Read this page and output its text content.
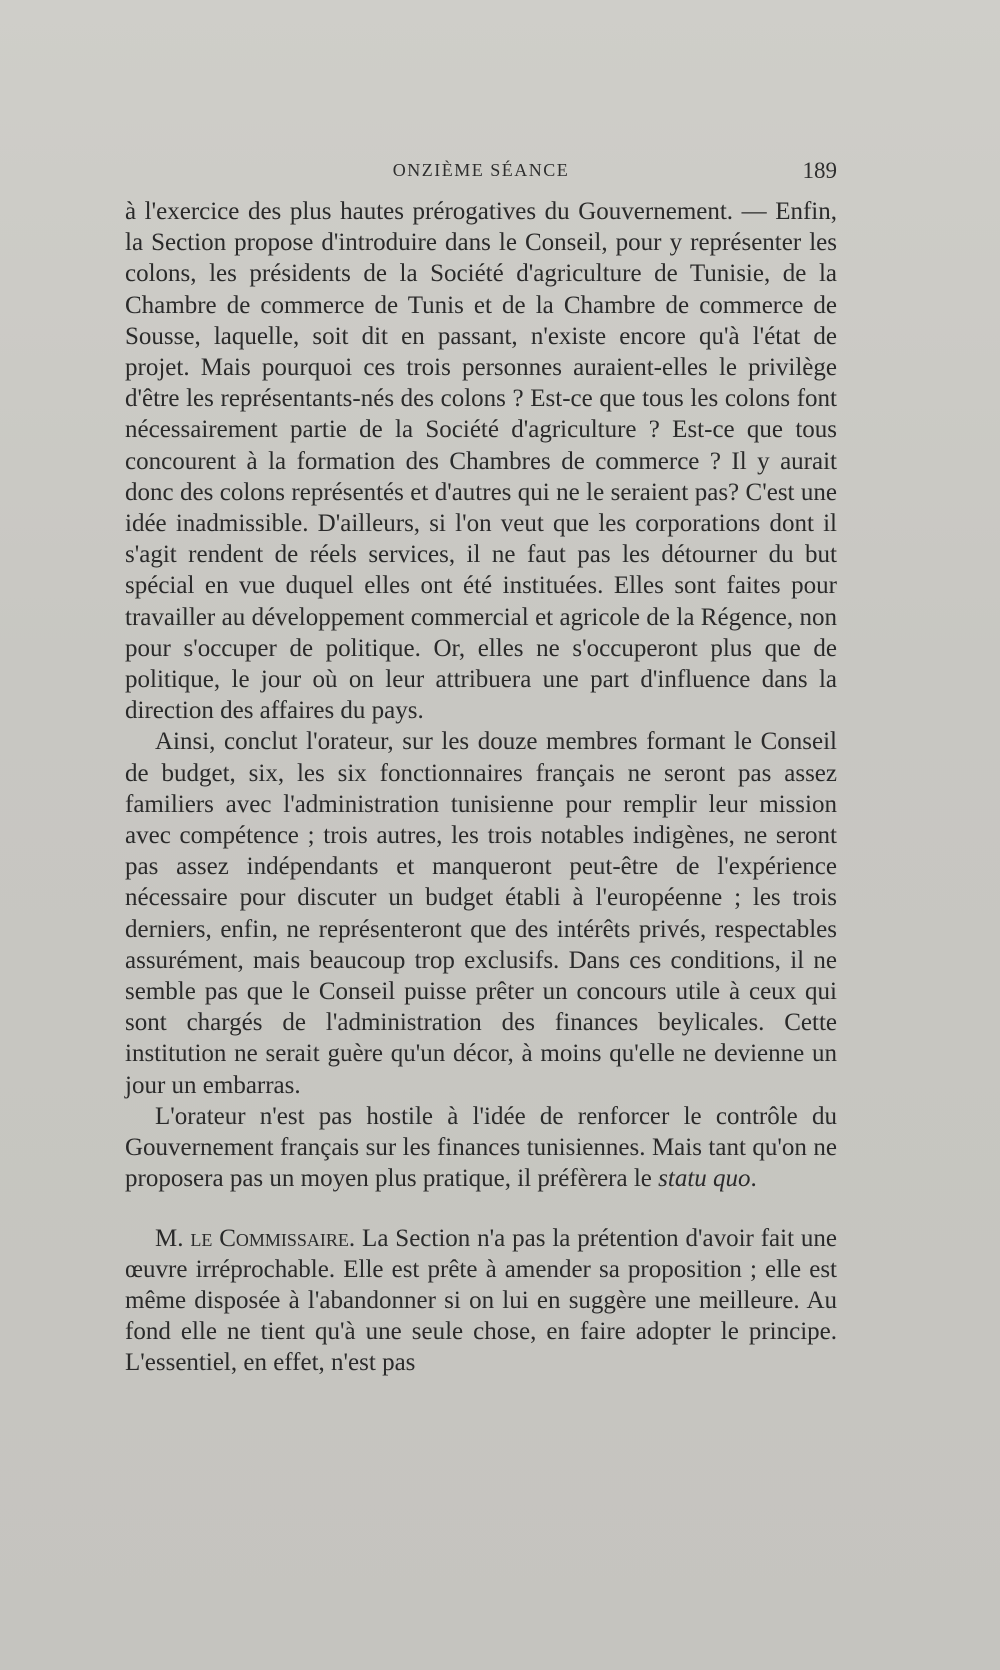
ONZIÈME SÉANCE	189

à l'exercice des plus hautes prérogatives du Gouvernement. — Enfin, la Section propose d'introduire dans le Conseil, pour y représenter les colons, les présidents de la Société d'agriculture de Tunisie, de la Chambre de commerce de Tunis et de la Chambre de commerce de Sousse, laquelle, soit dit en passant, n'existe encore qu'à l'état de projet. Mais pourquoi ces trois personnes auraient-elles le privilège d'être les représentants-nés des colons ? Est-ce que tous les colons font nécessairement partie de la Société d'agriculture ? Est-ce que tous concourent à la formation des Chambres de commerce ? Il y aurait donc des colons représentés et d'autres qui ne le seraient pas? C'est une idée inadmissible. D'ailleurs, si l'on veut que les corporations dont il s'agit rendent de réels services, il ne faut pas les détourner du but spécial en vue duquel elles ont été instituées. Elles sont faites pour travailler au développement commercial et agricole de la Régence, non pour s'occuper de politique. Or, elles ne s'occuperont plus que de politique, le jour où on leur attribuera une part d'influence dans la direction des affaires du pays.

Ainsi, conclut l'orateur, sur les douze membres formant le Conseil de budget, six, les six fonctionnaires français ne seront pas assez familiers avec l'administration tunisienne pour remplir leur mission avec compétence ; trois autres, les trois notables indigènes, ne seront pas assez indépendants et manqueront peut-être de l'expérience nécessaire pour discuter un budget établi à l'européenne ; les trois derniers, enfin, ne représenteront que des intérêts privés, respectables assurément, mais beaucoup trop exclusifs. Dans ces conditions, il ne semble pas que le Conseil puisse prêter un concours utile à ceux qui sont chargés de l'administration des finances beylicales. Cette institution ne serait guère qu'un décor, à moins qu'elle ne devienne un jour un embarras.

L'orateur n'est pas hostile à l'idée de renforcer le contrôle du Gouvernement français sur les finances tunisiennes. Mais tant qu'on ne proposera pas un moyen plus pratique, il préfèrera le statu quo.

M. le Commissaire. La Section n'a pas la prétention d'avoir fait une œuvre irréprochable. Elle est prête à amender sa proposition ; elle est même disposée à l'abandonner si on lui en suggère une meilleure. Au fond elle ne tient qu'à une seule chose, en faire adopter le principe. L'essentiel, en effet, n'est pas
